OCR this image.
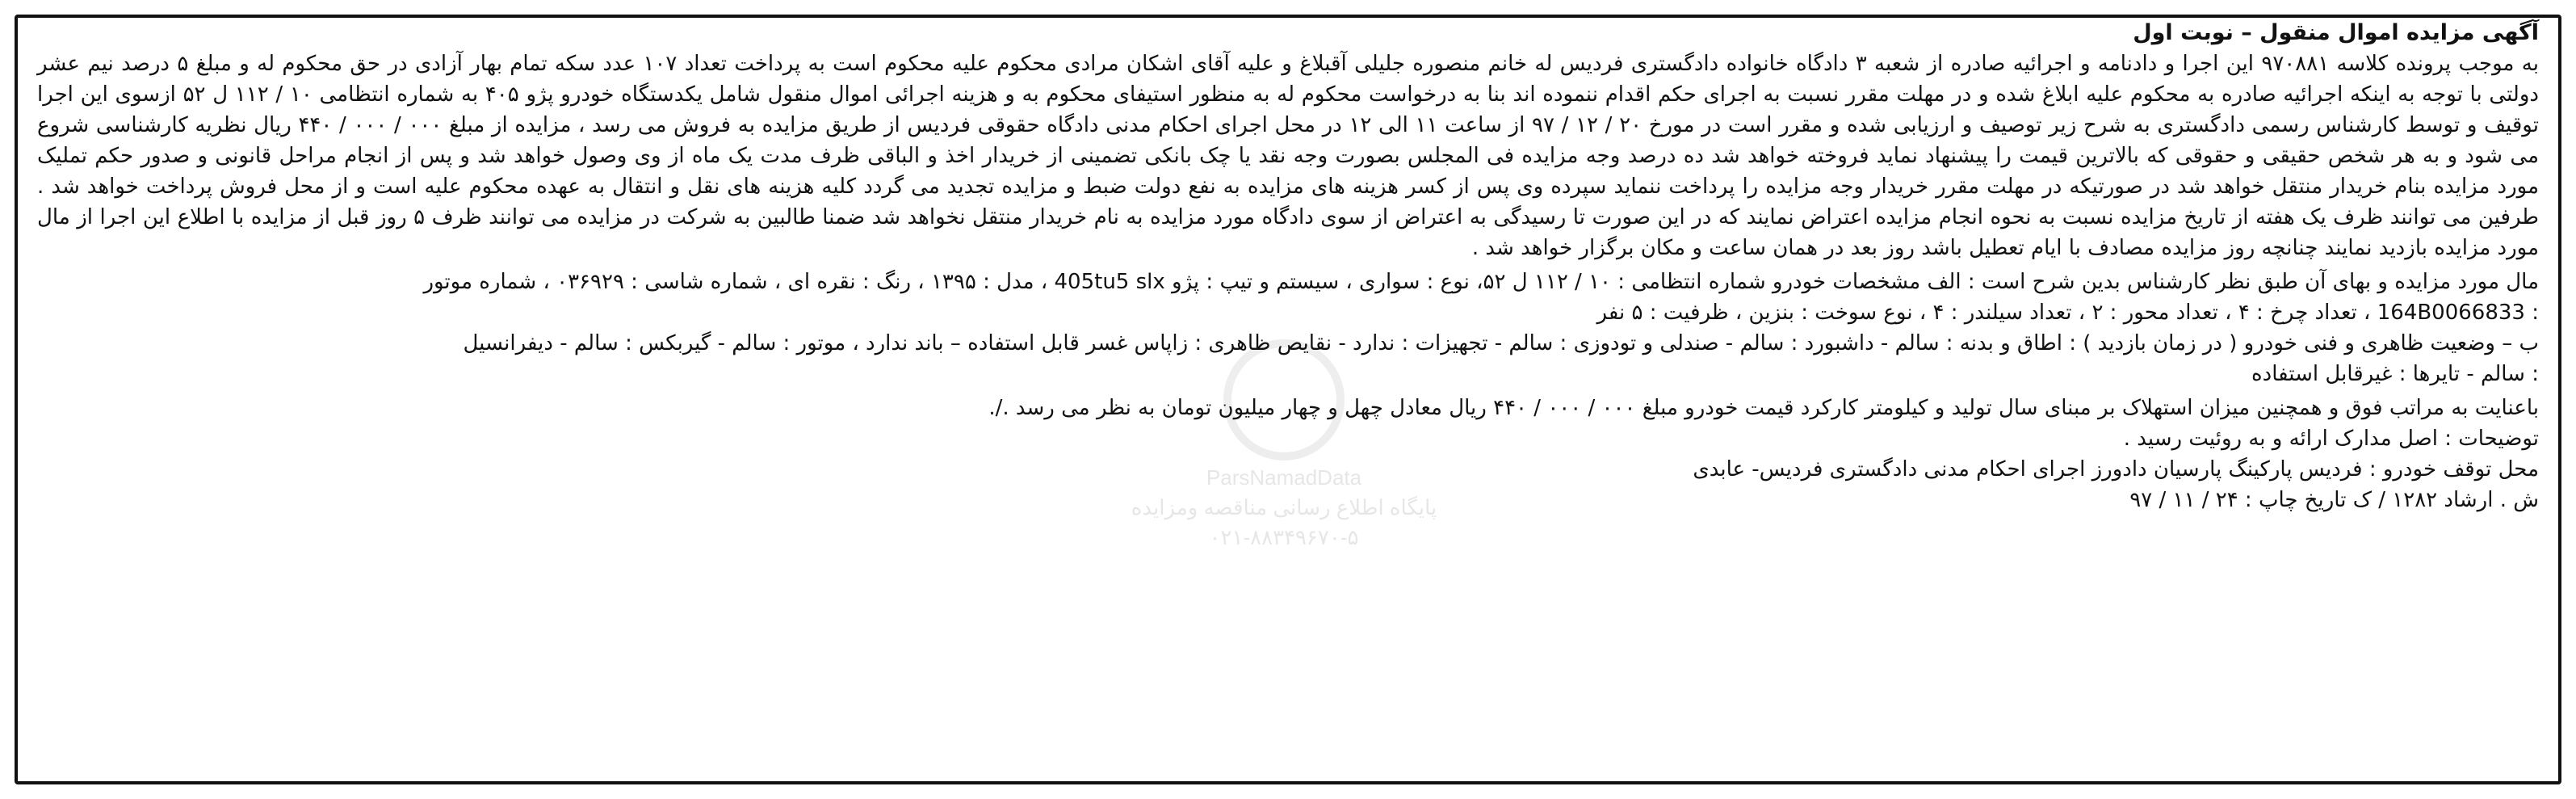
ParsNamadData
پایگاه اطلاع رسانی مناقصه ومزایده
۰۲۱-۸۸۳۴۹۶۷۰-۵

آگهی مزایده اموال منقول – نوبت اول

به موجب پرونده کلاسه ۹۷۰۸۸۱ این اجرا و دادنامه و اجرائیه صادره از شعبه ۳ دادگاه خانواده دادگستری فردیس له خانم منصوره جلیلی آقبلاغ و علیه آقای اشکان مرادی محکوم علیه محکوم است به پرداخت تعداد ۱۰۷ عدد سکه تمام بهار آزادی در حق محکوم له و مبلغ ۵ درصد نیم عشر دولتی با توجه به اینکه اجرائیه صادره به محکوم علیه ابلاغ شده و در مهلت مقرر نسبت به اجرای حکم اقدام ننموده اند بنا به درخواست محکوم له به منظور استیفای محکوم به و هزینه اجرائی اموال منقول شامل یکدستگاه خودرو پژو ۴۰۵ به شماره انتظامی ۱۰ / ۱۱۲ ل ۵۲ ازسوی این اجرا توقیف و توسط کارشناس رسمی دادگستری به شرح زیر توصیف و ارزیابی شده و مقرر است در مورخ ۲۰ / ۱۲ / ۹۷ از ساعت ۱۱ الی ۱۲ در محل اجرای احکام مدنی دادگاه حقوقی فردیس از طریق مزایده به فروش می رسد ، مزایده از مبلغ ۰۰۰ / ۰۰۰ / ۴۴۰ ریال نظریه کارشناسی شروع می شود و به هر شخص حقیقی و حقوقی که بالاترین قیمت را پیشنهاد نماید فروخته خواهد شد ده درصد وجه مزایده فی المجلس بصورت وجه نقد یا چک بانکی تضمینی از خریدار اخذ و الباقی ظرف مدت یک ماه از وی وصول خواهد شد و پس از انجام مراحل قانونی و صدور حکم تملیک مورد مزایده بنام خریدار منتقل خواهد شد در صورتیکه در مهلت مقرر خریدار وجه مزایده را پرداخت ننماید سپرده وی پس از کسر هزینه های مزایده به نفع دولت ضبط و مزایده تجدید می گردد کلیه هزینه های نقل و انتقال به عهده محکوم علیه است و از محل فروش پرداخت خواهد شد . طرفین می توانند ظرف یک هفته از تاریخ مزایده نسبت به نحوه انجام مزایده اعتراض نمایند که در این صورت تا رسیدگی به اعتراض از سوی دادگاه مورد مزایده به نام خریدار منتقل نخواهد شد ضمنا طالبین به شرکت در مزایده می توانند ظرف ۵ روز قبل از مزایده با اطلاع این اجرا از مال مورد مزایده بازدید نمایند چنانچه روز مزایده مصادف با ایام تعطیل باشد روز بعد در همان ساعت و مکان برگزار خواهد شد .

مال مورد مزایده و بهای آن طبق نظر کارشناس بدین شرح است : الف مشخصات خودرو شماره انتظامی : ۱۰ / ۱۱۲ ل ۵۲، نوع : سواری ، سیستم و تیپ : پژو 405tu5 slx ، مدل : ۱۳۹۵ ، رنگ : نقره ای ، شماره شاسی : ۰۳۶۹۲۹ ، شماره موتور

: 164B0066833 ، تعداد چرخ : ۴ ، تعداد محور : ۲ ، تعداد سیلندر : ۴ ، نوع سوخت : بنزین ، ظرفیت : ۵ نفر

ب – وضعیت ظاهری و فنی خودرو ( در زمان بازدید ) : اطاق و بدنه : سالم - داشبورد : سالم - صندلی و تودوزی : سالم - تجهیزات : ندارد - نقایص ظاهری : زاپاس غسر قابل استفاده – باند ندارد ، موتور : سالم - گیربکس : سالم - دیفرانسیل

: سالم - تایرها : غیرقابل استفاده

باعنایت به مراتب فوق و همچنین میزان استهلاک بر مبنای سال تولید و کیلومتر کارکرد قیمت خودرو مبلغ ۰۰۰ / ۰۰۰ / ۴۴۰ ریال معادل چهل و چهار میلیون تومان به نظر می رسد ./.

توضیحات : اصل مدارک ارائه و به روئیت رسید .

محل توقف خودرو : فردیس پارکینگ پارسیان دادورز اجرای احکام مدنی دادگستری فردیس- عابدی

ش . ارشاد ۱۲۸۲ / ک تاریخ چاپ : ۲۴ / ۱۱ / ۹۷
